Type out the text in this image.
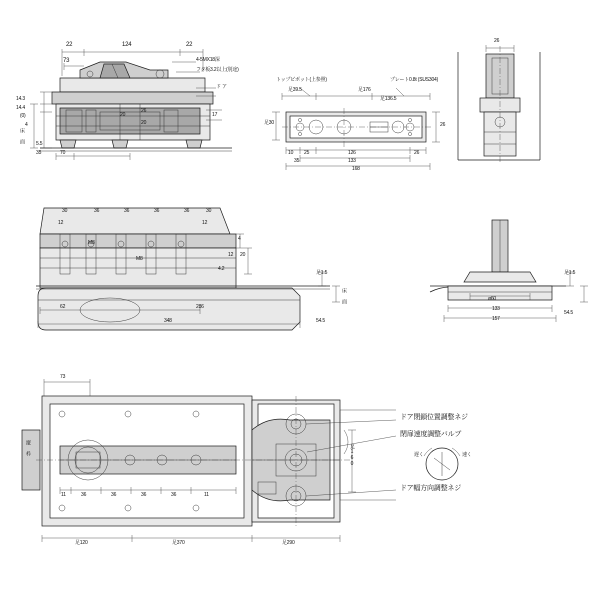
22	124	22
73	4-5MX18深
フタ板3.2以上(別途)
ド ア
14.3
14.4
(0)
4
5.5
20
26
20
17
35	70
床 面
トップピボット(上参照)	プレート0.8t (SUS304)
足39.5	足176
足136.5
足30	26
10 25	126	26
35	133
168
26
30	36	36	36	36	30
12	12
M8
M8
4
12 20
4.2
62	286
348	54.5
足1.5
床 面	ø60
133
157
54.5
足1.5
73
11	36	36	36	36	11
足120	足370	足290
足160
縦 枠
ドア閉鎖位置調整ネジ
閉扉速度調整バルブ
ドア幅方向調整ネジ
遅く	速く
